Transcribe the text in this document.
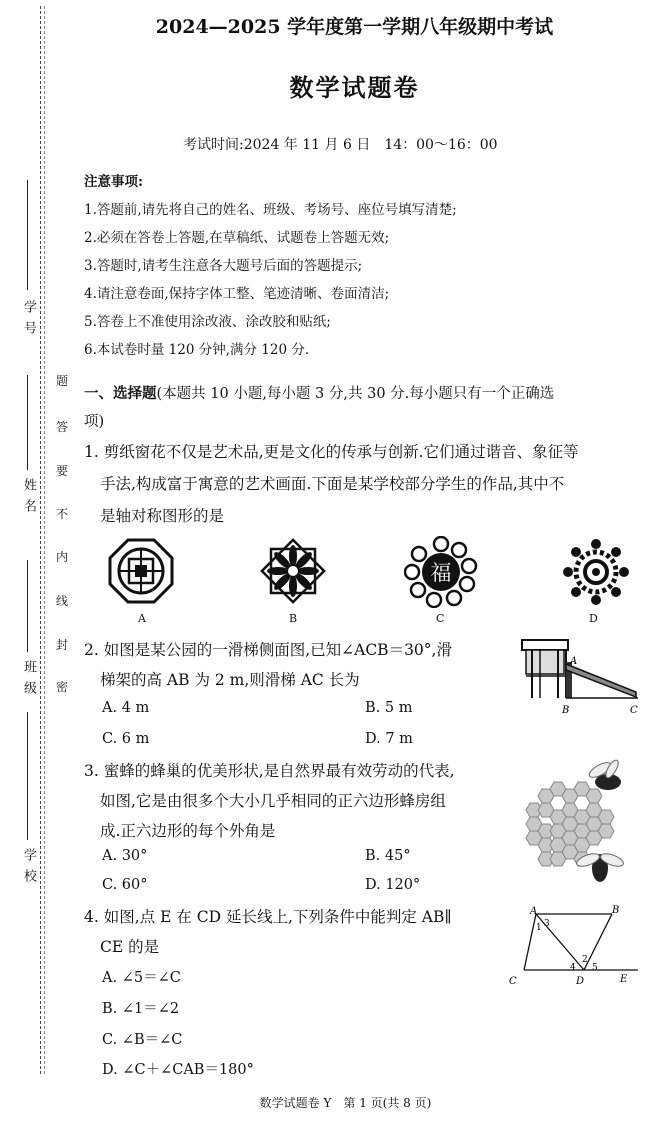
学号
姓名
班级
学校
题
答
要
不
内
线
封
密
2024—2025 学年度第一学期八年级期中考试
数学试题卷
考试时间:2024 年 11 月 6 日　14：00～16：00
注意事项:
1.答题前,请先将自己的姓名、班级、考场号、座位号填写清楚;
2.必须在答卷上答题,在草稿纸、试题卷上答题无效;
3.答题时,请考生注意各大题号后面的答题提示;
4.请注意卷面,保持字体工整、笔迹清晰、卷面清洁;
5.答卷上不准使用涂改液、涂改胶和贴纸;
6.本试卷时量 120 分钟,满分 120 分.
一、选择题(本题共 10 小题,每小题 3 分,共 30 分.每小题只有一个正确选
项)
1. 剪纸窗花不仅是艺术品,更是文化的传承与创新.它们通过谐音、象征等
手法,构成富于寓意的艺术画面.下面是某学校部分学生的作品,其中不
是轴对称图形的是
A	B
福
C	D
2. 如图是某公园的一滑梯侧面图,已知∠ACB＝30°,滑
梯架的高 AB 为 2 m,则滑梯 AC 长为
A. 4 m	B. 5 m
C. 6 m	D. 7 m
A
B	C
3. 蜜蜂的蜂巢的优美形状,是自然界最有效劳动的代表,
如图,它是由很多个大小几乎相同的正六边形蜂房组
成.正六边形的每个外角是
A. 30°	B. 45°
C. 60°	D. 120°
4. 如图,点 E 在 CD 延长线上,下列条件中能判定 AB∥
CE 的是
A. ∠5＝∠C
B. ∠1＝∠2
C. ∠B＝∠C
D. ∠C＋∠CAB＝180°
A	B
C	D	E
1 3
2
4 5
数学试题卷 Y　第 1 页(共 8 页)
